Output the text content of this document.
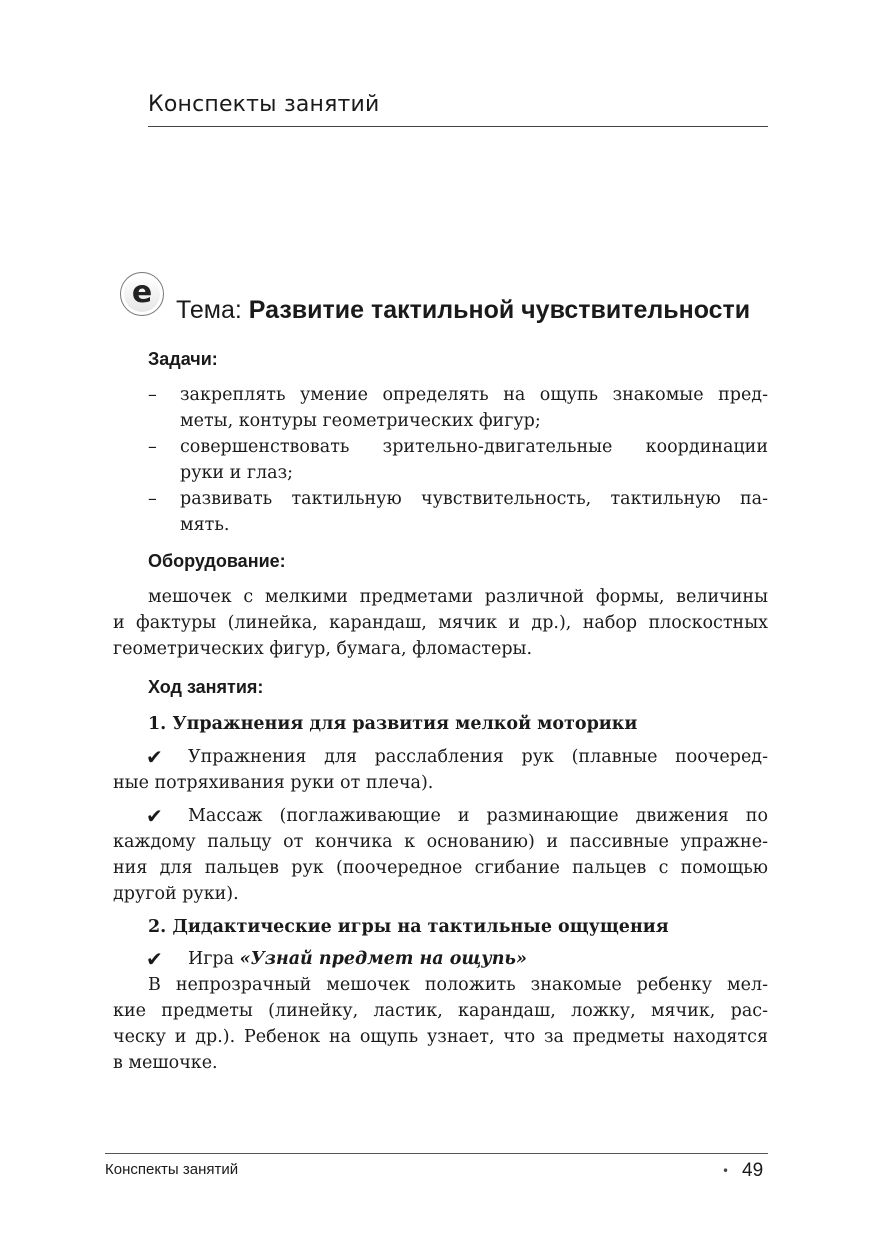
Конспекты занятий
e
Тема: Развитие тактильной чувствительности
Задачи:
– закреплять умение определять на ощупь знакомые пред-
меты, контуры геометрических фигур;
– совершенствовать зрительно-двигательные координации
руки и глаз;
– развивать тактильную чувствительность, тактильную па-
мять.
Оборудование:
мешочек с мелкими предметами различной формы, величины
и фактуры (линейка, карандаш, мячик и др.), набор плоскостных
геометрических фигур, бумага, фломастеры.
Ход занятия:
1. Упражнения для развития мелкой моторики
✔ Упражнения для расслабления рук (плавные поочеред-
ные потряхивания руки от плеча).
✔ Массаж (поглаживающие и разминающие движения по
каждому пальцу от кончика к основанию) и пассивные упражне-
ния для пальцев рук (поочередное сгибание пальцев с помощью
другой руки).
2. Дидактические игры на тактильные ощущения
✔ Игра «Узнай предмет на ощупь»
В непрозрачный мешочек положить знакомые ребенку мел-
кие предметы (линейку, ластик, карандаш, ложку, мячик, рас-
ческу и др.). Ребенок на ощупь узнает, что за предметы находятся
в мешочке.
Конспекты занятий	• 49
